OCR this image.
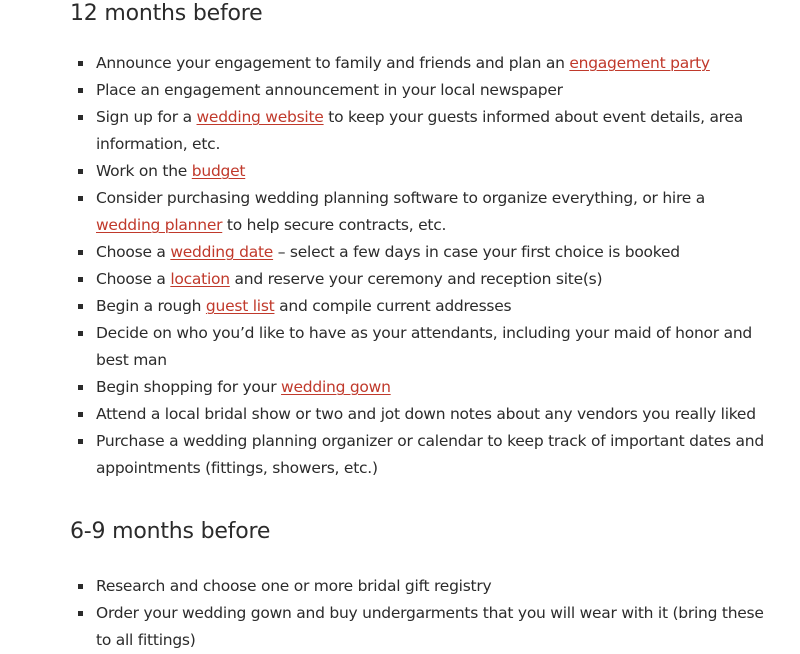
12 months before
Announce your engagement to family and friends and plan an engagement party
Place an engagement announcement in your local newspaper
Sign up for a wedding website to keep your guests informed about event details, area information, etc.
Work on the budget
Consider purchasing wedding planning software to organize everything, or hire a wedding planner to help secure contracts, etc.
Choose a wedding date – select a few days in case your first choice is booked
Choose a location and reserve your ceremony and reception site(s)
Begin a rough guest list and compile current addresses
Decide on who you’d like to have as your attendants, including your maid of honor and best man
Begin shopping for your wedding gown
Attend a local bridal show or two and jot down notes about any vendors you really liked
Purchase a wedding planning organizer or calendar to keep track of important dates and appointments (fittings, showers, etc.)
6-9 months before
Research and choose one or more bridal gift registry
Order your wedding gown and buy undergarments that you will wear with it (bring these to all fittings)
